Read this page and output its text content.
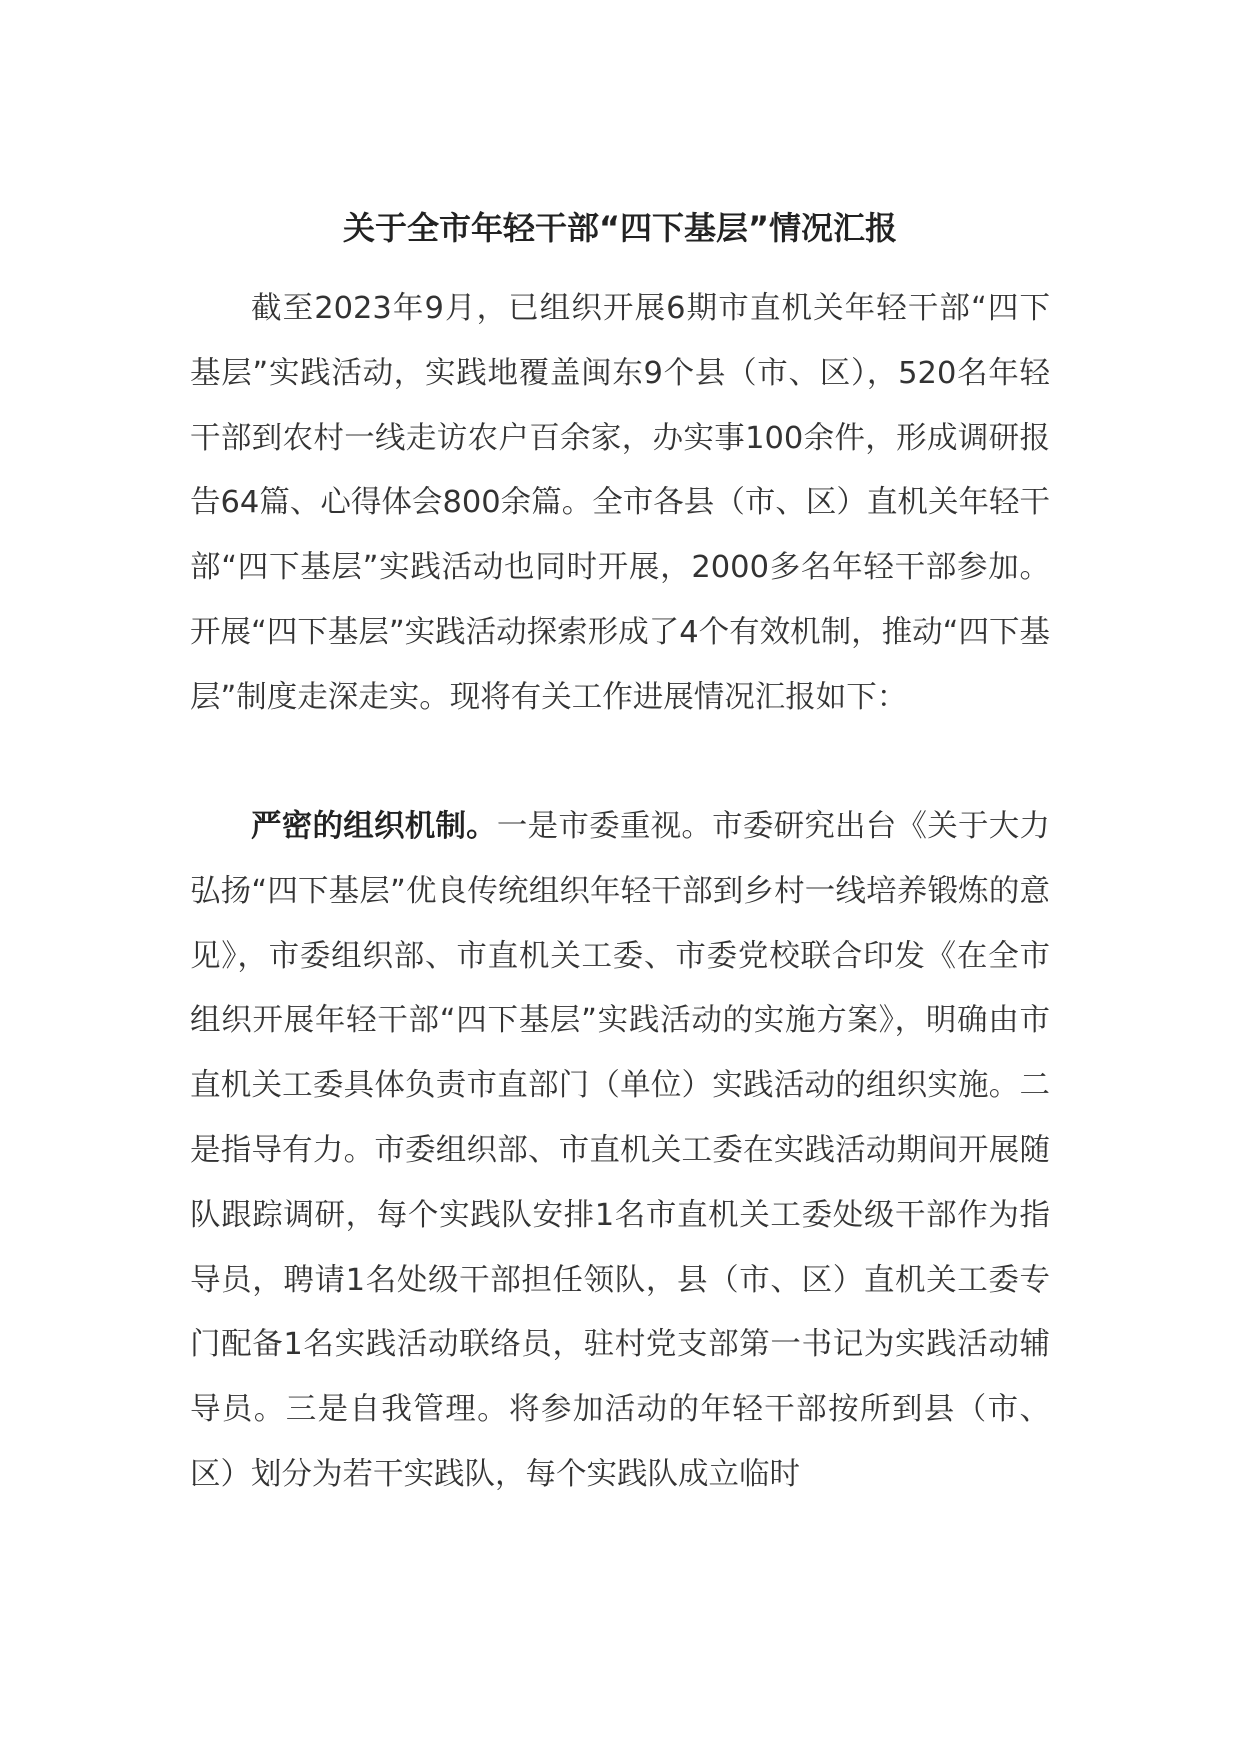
关于全市年轻干部“四下基层”情况汇报

截至2023年9月，已组织开展6期市直机关年轻干部“四下基层”实践活动，实践地覆盖闽东9个县（市、区），520名年轻干部到农村一线走访农户百余家，办实事100余件，形成调研报告64篇、心得体会800余篇。全市各县（市、区）直机关年轻干部“四下基层”实践活动也同时开展，2000多名年轻干部参加。开展“四下基层”实践活动探索形成了4个有效机制，推动“四下基层”制度走深走实。现将有关工作进展情况汇报如下：

严密的组织机制。一是市委重视。市委研究出台《关于大力弘扬“四下基层”优良传统组织年轻干部到乡村一线培养锻炼的意见》，市委组织部、市直机关工委、市委党校联合印发《在全市组织开展年轻干部“四下基层”实践活动的实施方案》，明确由市直机关工委具体负责市直部门（单位）实践活动的组织实施。二是指导有力。市委组织部、市直机关工委在实践活动期间开展随队跟踪调研，每个实践队安排1名市直机关工委处级干部作为指导员，聘请1名处级干部担任领队，县（市、区）直机关工委专门配备1名实践活动联络员，驻村党支部第一书记为实践活动辅导员。三是自我管理。将参加活动的年轻干部按所到县（市、区）划分为若干实践队，每个实践队成立临时
